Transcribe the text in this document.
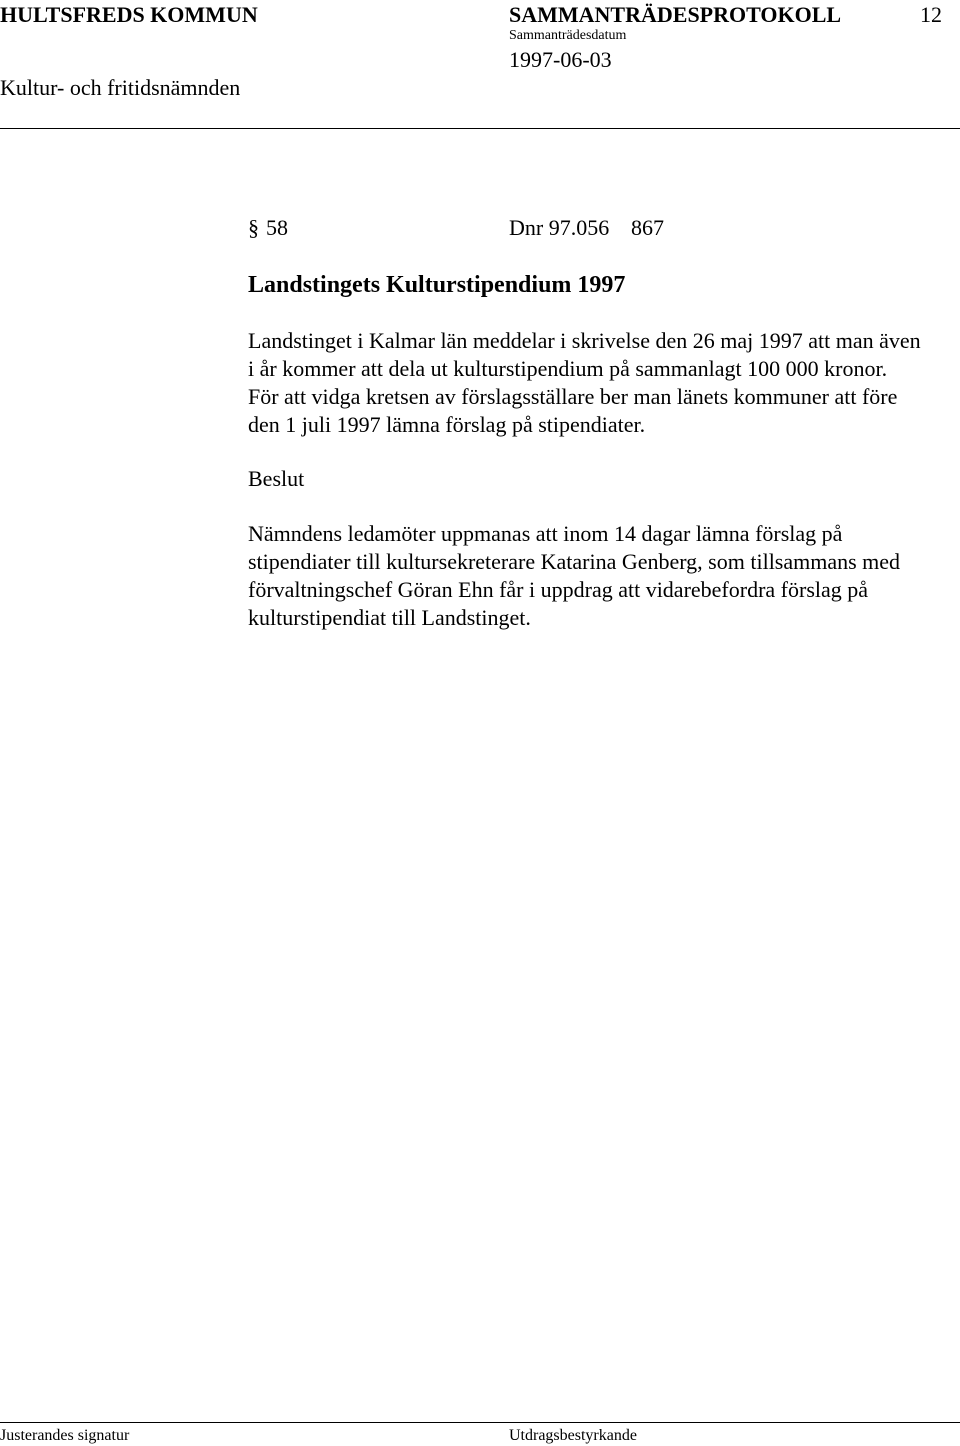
HULTSFREDS KOMMUN	SAMMANTRÄDESPROTOKOLL	12
Sammanträdesdatum
1997-06-03
Kultur- och fritidsnämnden
§ 58	Dnr 97.056 867
Landstingets Kulturstipendium 1997
Landstinget i Kalmar län meddelar i skrivelse den 26 maj 1997 att man även
i år kommer att dela ut kulturstipendium på sammanlagt 100 000 kronor.
För att vidga kretsen av förslagsställare ber man länets kommuner att före
den 1 juli 1997 lämna förslag på stipendiater.
Beslut
Nämndens ledamöter uppmanas att inom 14 dagar lämna förslag på
stipendiater till kultursekreterare Katarina Genberg, som tillsammans med
förvaltningschef Göran Ehn får i uppdrag att vidarebefordra förslag på
kulturstipendiat till Landstinget.
Justerandes signatur	Utdragsbestyrkande
